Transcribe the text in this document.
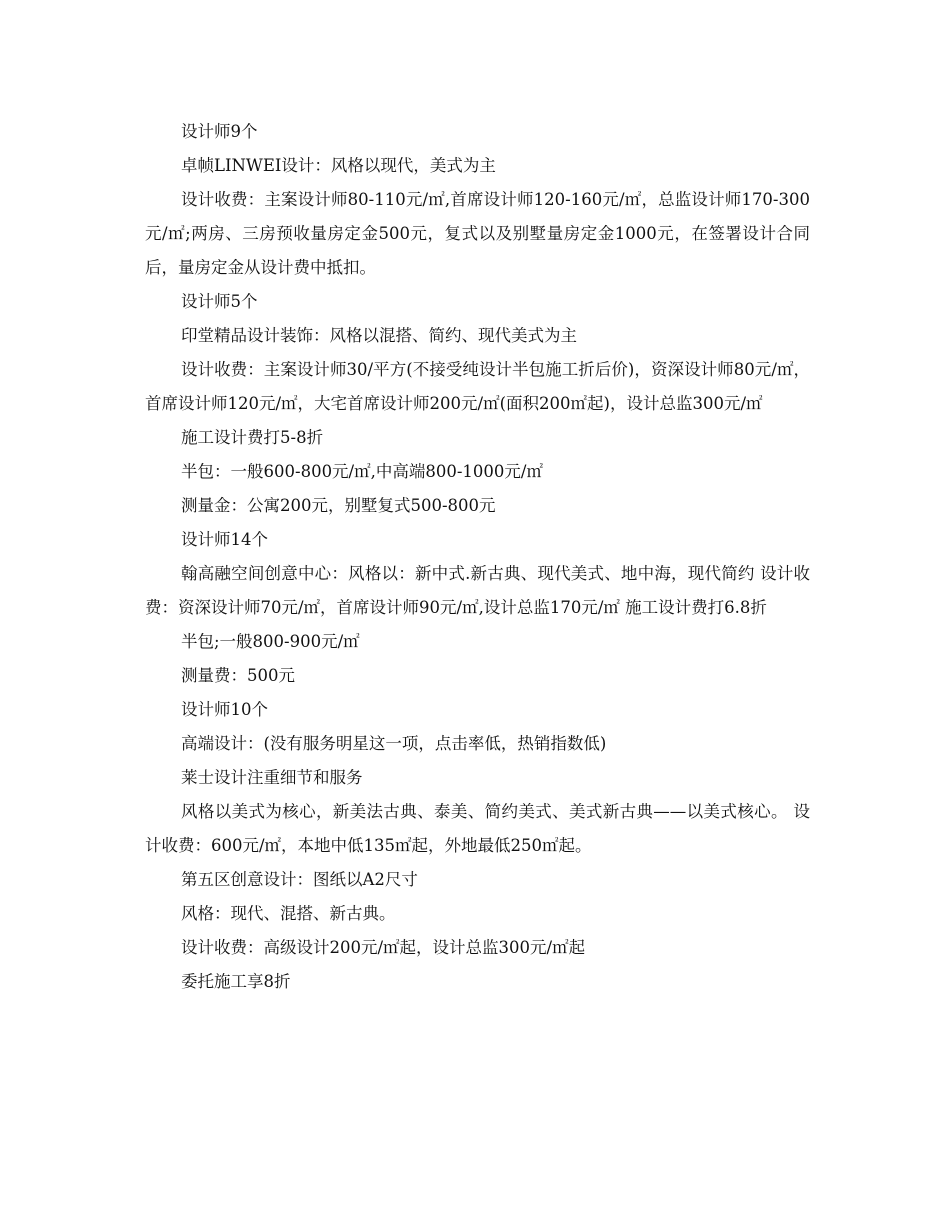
设计师9个

卓帧LINWEI设计：风格以现代，美式为主

设计收费：主案设计师80-110元/㎡,首席设计师120-160元/㎡，总监设计师170-300元/㎡;两房、三房预收量房定金500元，复式以及别墅量房定金1000元，在签署设计合同后，量房定金从设计费中抵扣。

设计师5个

印堂精品设计装饰：风格以混搭、简约、现代美式为主

设计收费：主案设计师30/平方(不接受纯设计半包施工折后价)，资深设计师80元/㎡，首席设计师120元/㎡，大宅首席设计师200元/㎡(面积200㎡起)，设计总监300元/㎡

施工设计费打5-8折

半包：一般600-800元/㎡,中高端800-1000元/㎡

测量金：公寓200元，别墅复式500-800元

设计师14个

翰高融空间创意中心：风格以：新中式.新古典、现代美式、地中海，现代简约 设计收费：资深设计师70元/㎡，首席设计师90元/㎡,设计总监170元/㎡ 施工设计费打6.8折

半包;一般800-900元/㎡

测量费：500元

设计师10个

高端设计：(没有服务明星这一项，点击率低，热销指数低)

莱士设计注重细节和服务

风格以美式为核心，新美法古典、泰美、简约美式、美式新古典——以美式核心。 设计收费：600元/㎡，本地中低135㎡起，外地最低250㎡起。

第五区创意设计：图纸以A2尺寸

风格：现代、混搭、新古典。

设计收费：高级设计200元/㎡起，设计总监300元/㎡起

委托施工享8折
